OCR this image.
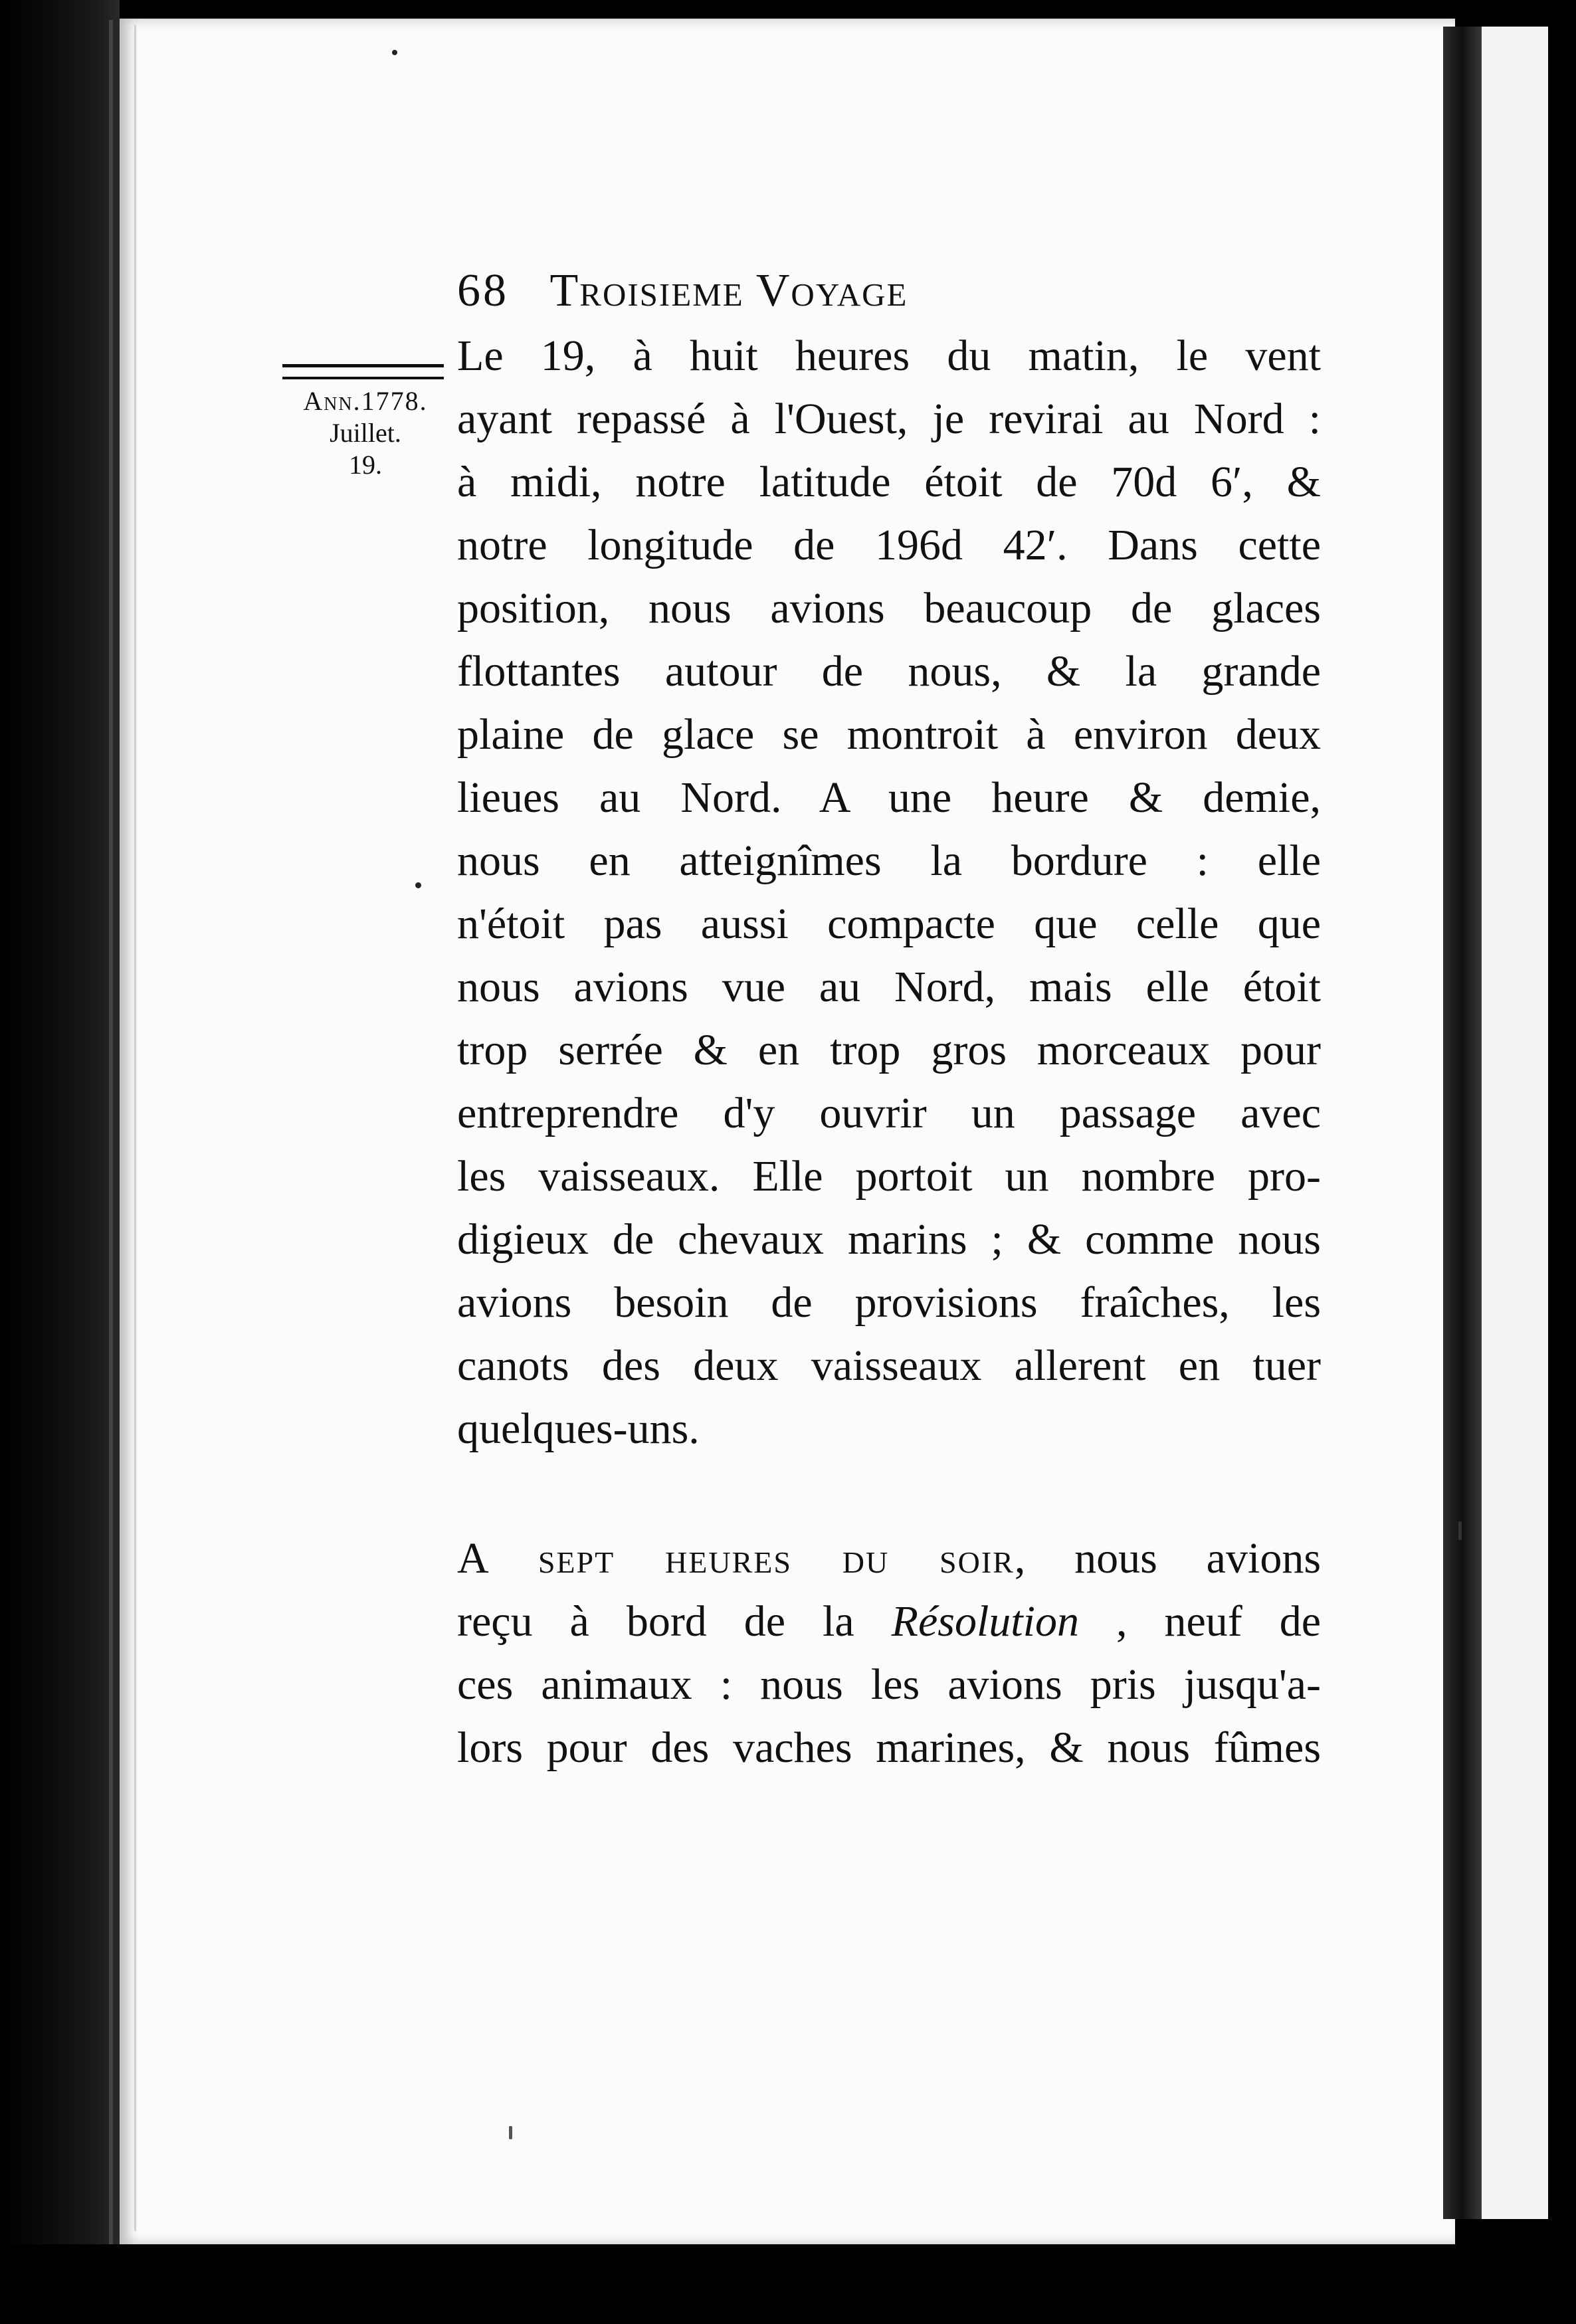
68 Troisieme Voyage
Ann.1778.
Juillet.
19.
Le 19, à huit heures du matin, le vent
ayant repassé à l'Ouest, je revirai au Nord :
à midi, notre latitude étoit de 70d 6′, &
notre longitude de 196d 42′. Dans cette
position, nous avions beaucoup de glaces
flottantes autour de nous, & la grande
plaine de glace se montroit à environ deux
lieues au Nord. A une heure & demie,
nous en atteignîmes la bordure : elle
n'étoit pas aussi compacte que celle que
nous avions vue au Nord, mais elle étoit
trop serrée & en trop gros morceaux pour
entreprendre d'y ouvrir un passage avec
les vaisseaux. Elle portoit un nombre pro-
digieux de chevaux marins ; & comme nous
avions besoin de provisions fraîches, les
canots des deux vaisseaux allerent en tuer
quelques-uns.
A sept heures du soir, nous avions
reçu à bord de la Résolution , neuf de
ces animaux : nous les avions pris jusqu'a-
lors pour des vaches marines, & nous fûmes
